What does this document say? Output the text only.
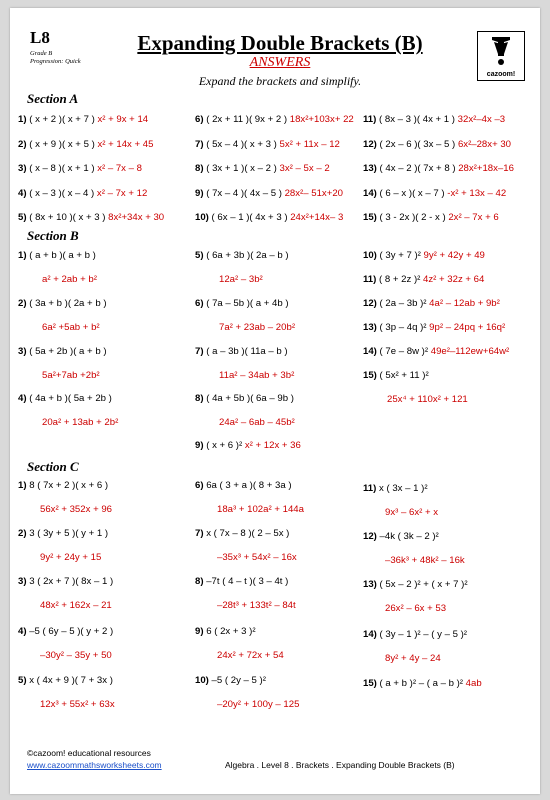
L8
Grade B
Progression: Quick
Expanding Double Brackets (B)
ANSWERS
Expand the brackets and simplify.	cazoom!
Section A
1) ( x + 2 )( x + 7 ) x² + 9x + 14
2) ( x + 9 )( x + 5 ) x² + 14x + 45
3) ( x – 8 )( x + 1 ) x² – 7x – 8
4) ( x – 3 )( x – 4 ) x² – 7x + 12
5) ( 8x + 10 )( x + 3 ) 8x²+34x + 30
6) ( 2x + 11 )( 9x + 2 ) 18x²+103x+ 22
7) ( 5x – 4 )( x + 3 ) 5x² + 11x – 12
8) ( 3x + 1 )( x – 2 ) 3x² – 5x – 2
9) ( 7x – 4 )( 4x – 5 ) 28x²– 51x+20
10) ( 6x – 1 )( 4x + 3 ) 24x²+14x– 3
11) ( 8x – 3 )( 4x + 1 ) 32x²–4x –3
12) ( 2x – 6 )( 3x – 5 ) 6x²–28x+ 30
13) ( 4x – 2 )( 7x + 8 ) 28x²+18x–16
14) ( 6 – x )( x – 7 ) -x² + 13x – 42
15) ( 3 - 2x )( 2 - x ) 2x² – 7x + 6
Section B
1) ( a + b )( a + b )
a² + 2ab + b²
2) ( 3a + b )( 2a + b )
6a² +5ab + b²
3) ( 5a + 2b )( a + b )
5a²+7ab +2b²
4) ( 4a + b )( 5a + 2b )
20a² + 13ab + 2b²
5) ( 6a + 3b )( 2a – b )
12a² – 3b²
6) ( 7a – 5b )( a + 4b )
7a² + 23ab – 20b²
7) ( a – 3b )( 11a – b )
11a² – 34ab + 3b²
8) ( 4a + 5b )( 6a – 9b )
24a² – 6ab – 45b²
9) ( x + 6 )² x² + 12x + 36
10) ( 3y + 7 )² 9y² + 42y + 49
11) ( 8 + 2z )² 4z² + 32z + 64
12) ( 2a – 3b )² 4a² – 12ab + 9b²
13) ( 3p – 4q )² 9p² – 24pq + 16q²
14) ( 7e – 8w )² 49e²–112ew+64w²
15) ( 5x² + 11 )²
25x⁴ + 110x² + 121
Section C
1) 8 ( 7x + 2 )( x + 6 )
56x² + 352x + 96
2) 3 ( 3y + 5 )( y + 1 )
9y² + 24y + 15
3) 3 ( 2x + 7 )( 8x – 1 )
48x² + 162x – 21
4) –5 ( 6y – 5 )( y + 2 )
–30y² – 35y + 50
5) x ( 4x + 9 )( 7 + 3x )
12x³ + 55x² + 63x
6) 6a ( 3 + a )( 8 + 3a )
18a³ + 102a² + 144a
7) x ( 7x – 8 )( 2 – 5x )
–35x³ + 54x² – 16x
8) –7t ( 4 – t )( 3 – 4t )
–28t³ + 133t² – 84t
9) 6 ( 2x + 3 )²
24x² + 72x + 54
10) –5 ( 2y – 5 )²
–20y² + 100y – 125
11) x ( 3x – 1 )²
9x³ – 6x² + x
12) –4k ( 3k – 2 )²
–36k³ + 48k² – 16k
13) ( 5x – 2 )² + ( x + 7 )²
26x² – 6x + 53
14) ( 3y – 1 )² – ( y – 5 )²
8y² + 4y – 24
15) ( a + b )² – ( a – b )² 4ab
©cazoom! educational resources
www.cazoommathsworksheets.com	Algebra . Level 8 . Brackets . Expanding Double Brackets (B)
